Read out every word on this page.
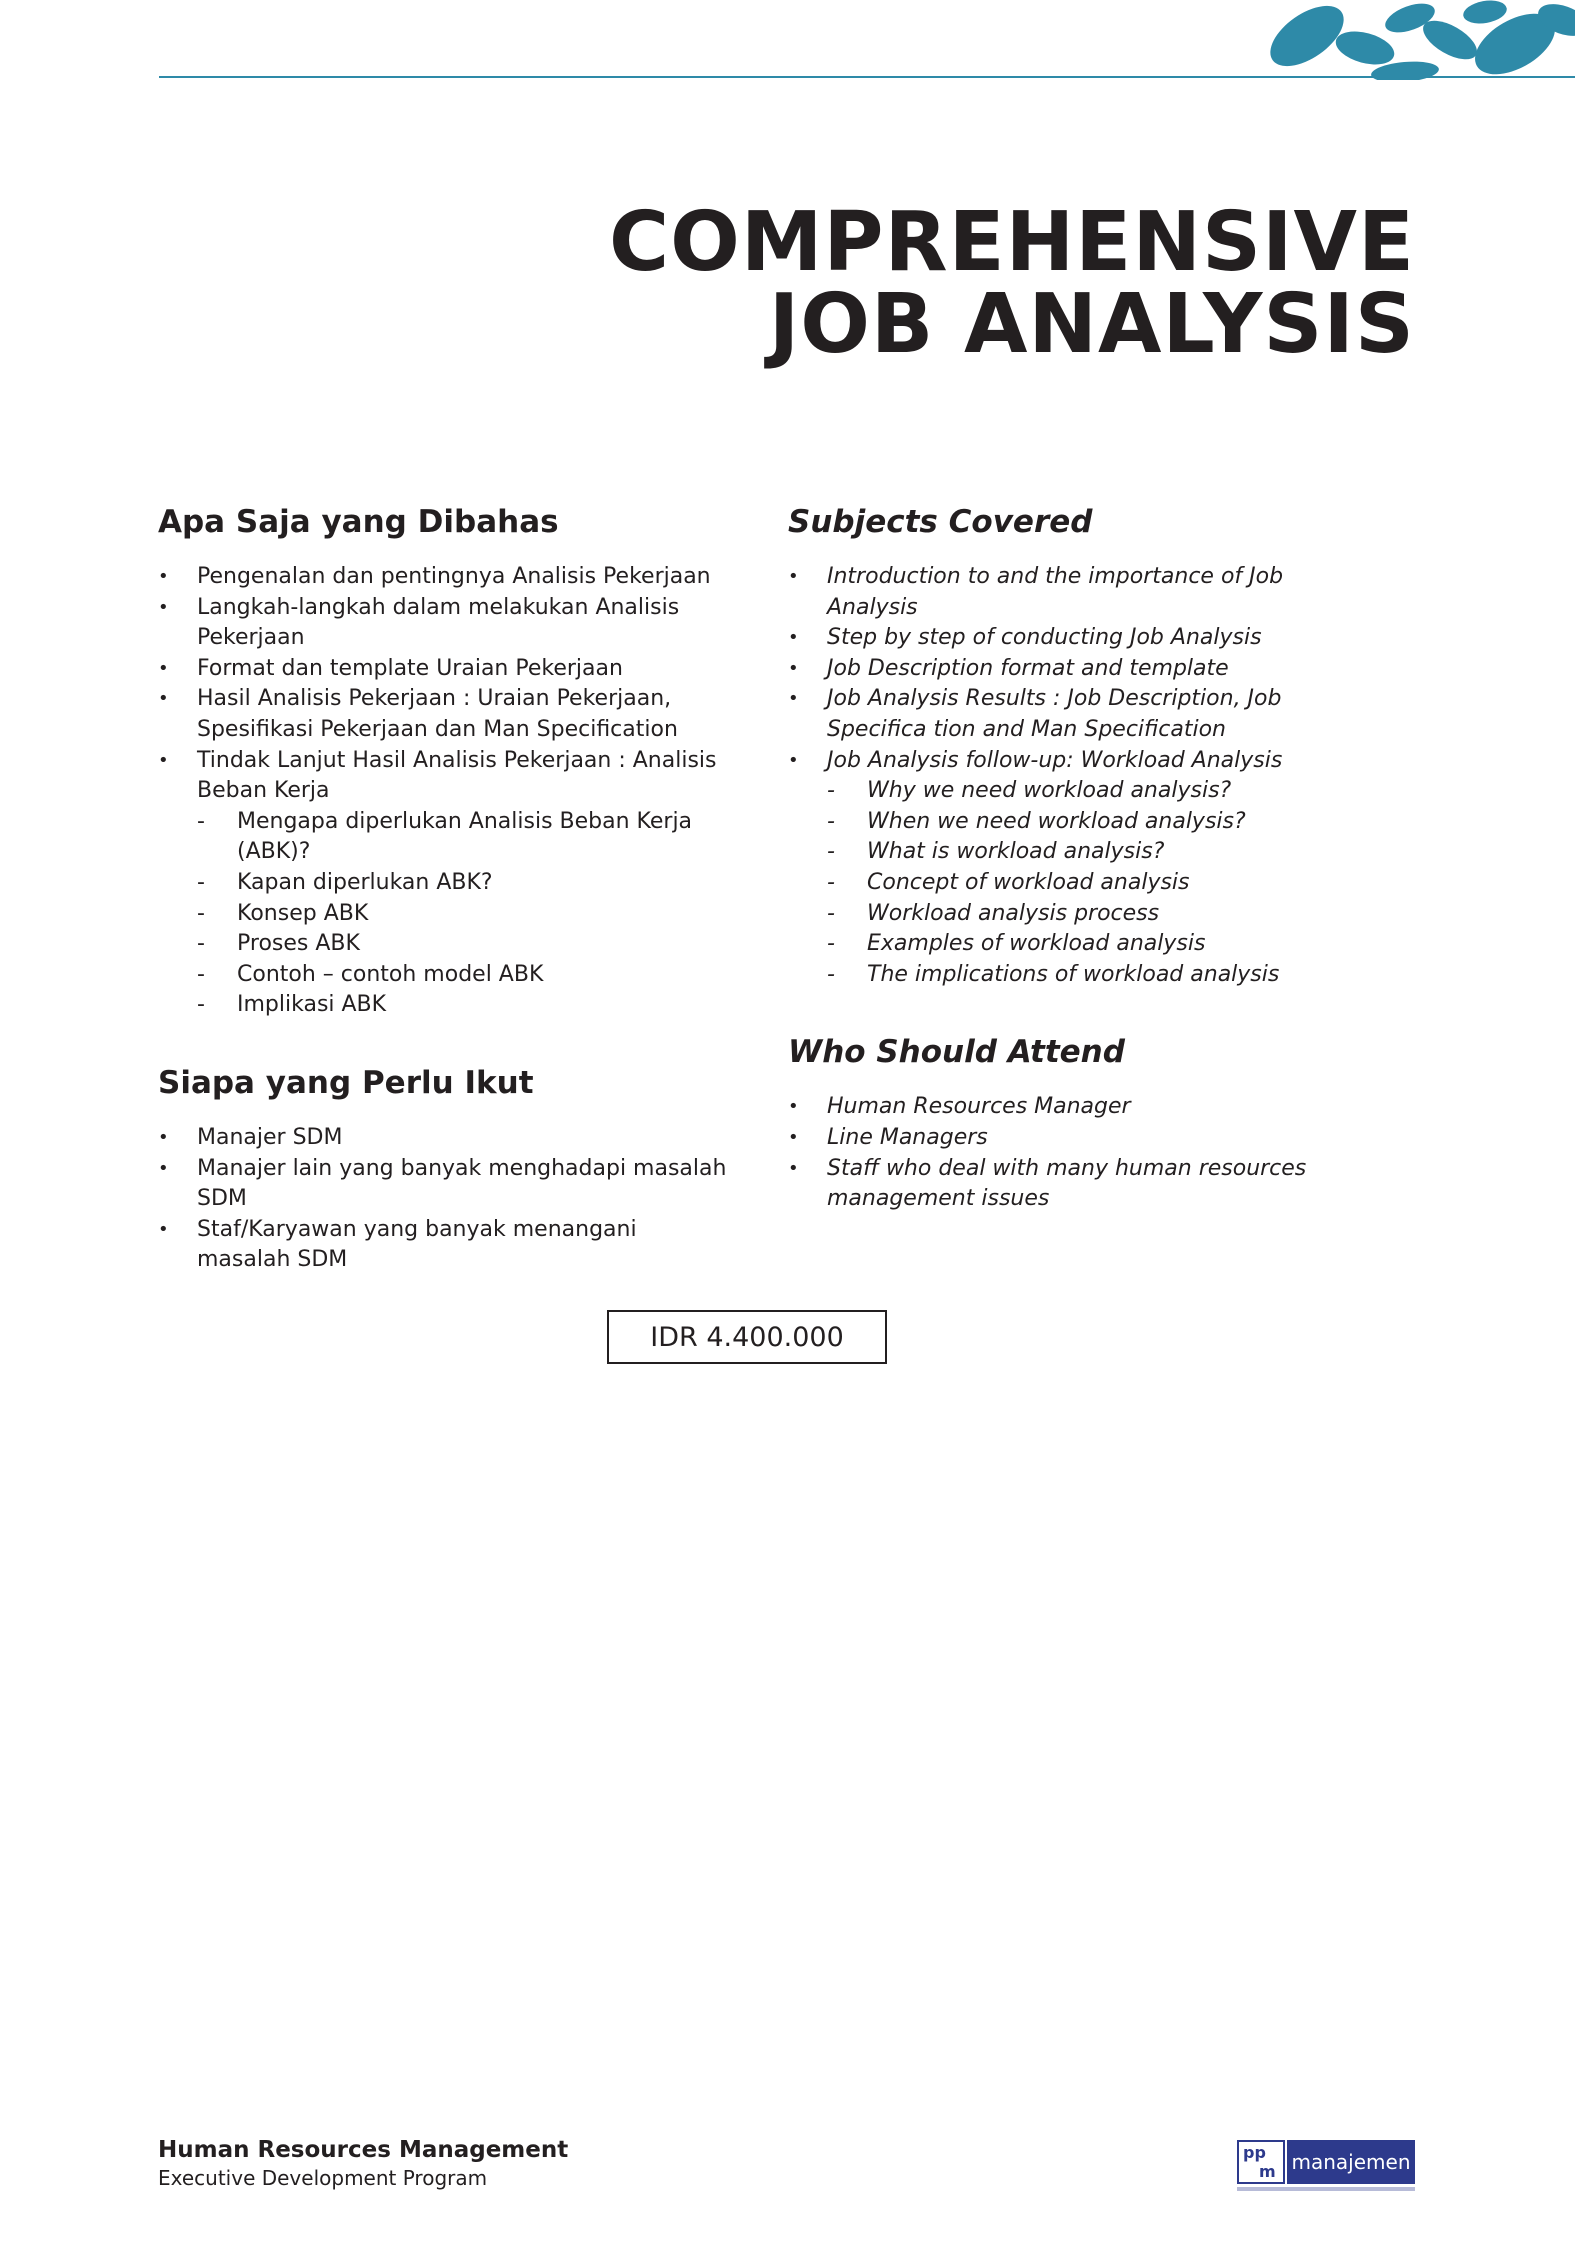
COMPREHENSIVE
JOB ANALYSIS
Apa Saja yang Dibahas
• Pengenalan dan pentingnya Analisis Pekerjaan
• Langkah-langkah dalam melakukan Analisis Pekerjaan
• Format dan template Uraian Pekerjaan
• Hasil Analisis Pekerjaan : Uraian Pekerjaan, Spesifikasi Pekerjaan dan Man Specification
• Tindak Lanjut Hasil Analisis Pekerjaan : Analisis Beban Kerja
- Mengapa diperlukan Analisis Beban Kerja (ABK)?
- Kapan diperlukan ABK?
- Konsep ABK
- Proses ABK
- Contoh – contoh model ABK
- Implikasi ABK
Siapa yang Perlu Ikut
• Manajer SDM
• Manajer lain yang banyak menghadapi masalah SDM
• Staf/Karyawan yang banyak menangani masalah SDM
Subjects Covered
• Introduction to and the importance of Job Analysis
• Step by step of conducting Job Analysis
• Job Description format and template
• Job Analysis Results : Job Description, Job Specifica tion and Man Specification
• Job Analysis follow-up: Workload Analysis
- Why we need workload analysis?
- When we need workload analysis?
- What is workload analysis?
- Concept of workload analysis
- Workload analysis process
- Examples of workload analysis
- The implications of workload analysis
Who Should Attend
• Human Resources Manager
• Line Managers
• Staff who deal with many human resources management issues
IDR 4.400.000
Human Resources Management
Executive Development Program
pp
m manajemen
